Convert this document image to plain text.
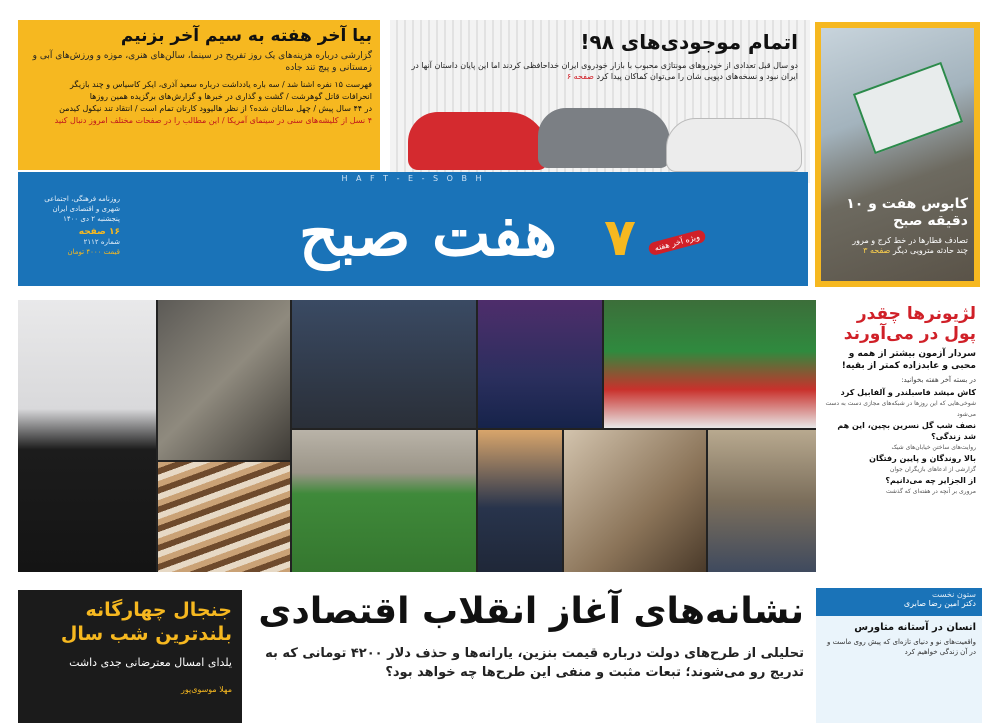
بیا آخر هفته به سیم آخر بزنیم
گزارشی درباره هزینه‌های یک روز تفریح در سینما، سالن‌های هنری، موزه و ورزش‌های آبی و زمستانی و پیچ تند جاده
فهرست ۱۵ نفره اشنا شد / سه باره یادداشت درباره سعید آذری، ایکر کاسیاس و چند بازیگر
انحرافات قاتل گوهرشت / گشت و گذاری در خبرها و گزارش‌های برگزیده همین روزها
در ۴۴ سال پیش / چهل سالتان شده؟ از نظر هالیوود کارتان تمام است / انتقاد تند نیکول کیدمن
۴ نسل از کلیشه‌های سنی در سینمای آمریکا / این مطالب را در صفحات مختلف امروز دنبال کنید
اتمام موجودی‌های ۹۸!
دو سال قبل تعدادی از خودروهای مونتاژی محبوب با بازار خودروی ایران خداحافظی کردند اما این پایان داستان آنها در ایران نبود و نسخه‌های دپویی شان را می‌توان کماکان پیدا کرد صفحه ۶
کابوس هفت و ۱۰ دقیقه صبح
تصادف قطارها در خط کرج و مرور چند حادثه مترویی دیگر صفحه ۳
H A F T - E - S O B H
روزنامه فرهنگی، اجتماعی
شهری و اقتصادی ایران
پنجشنبه ۲ دی ۱۴۰۰
۱۶ صفحه
شماره ۲۱۱۲
قیمت ۴۰۰۰ تومان	هفت صبح ۷	ویژه آخر هفته
لژیونرها چقدر پول در می‌آورند
سردار آزمون بیشتر از همه و محبی و عابدزاده کمتر از بقیه!
در بسته آخر هفته بخوانید:
کاش میشد فاسبلندر و آلفابیل کرد
شوخی‌هایی که این روزها در شبکه‌های مجازی دست به دست می‌شود
نصف شب گل نسرین بچین، این هم شد زندگی؟
روایت‌های ساختن خیابان‌های شیک
بالا روندگان و پایین رفتگان
گزارشی از ادعاهای بازیگران جوان
از الجزایر چه می‌دانیم؟
مروری بر آنچه در هفته‌ای که گذشت
نشانه‌های آغاز انقلاب اقتصادی
تحلیلی از طرح‌های دولت درباره قیمت بنزین، یارانه‌ها و حذف دلار ۴۲۰۰ تومانی که به تدریج رو می‌شوند؛ تبعات مثبت و منفی این طرح‌ها چه خواهد بود؟
جنجال چهارگانه بلندترین شب سال
یلدای امسال معترضانی جدی داشت
مهلا موسوی‌پور
ستون نخست
دکتر امین رضا صابری
انسان در آستانه متاورس
واقعیت‌های نو و دنیای تازه‌ای که پیش روی ماست و در آن زندگی خواهیم کرد
